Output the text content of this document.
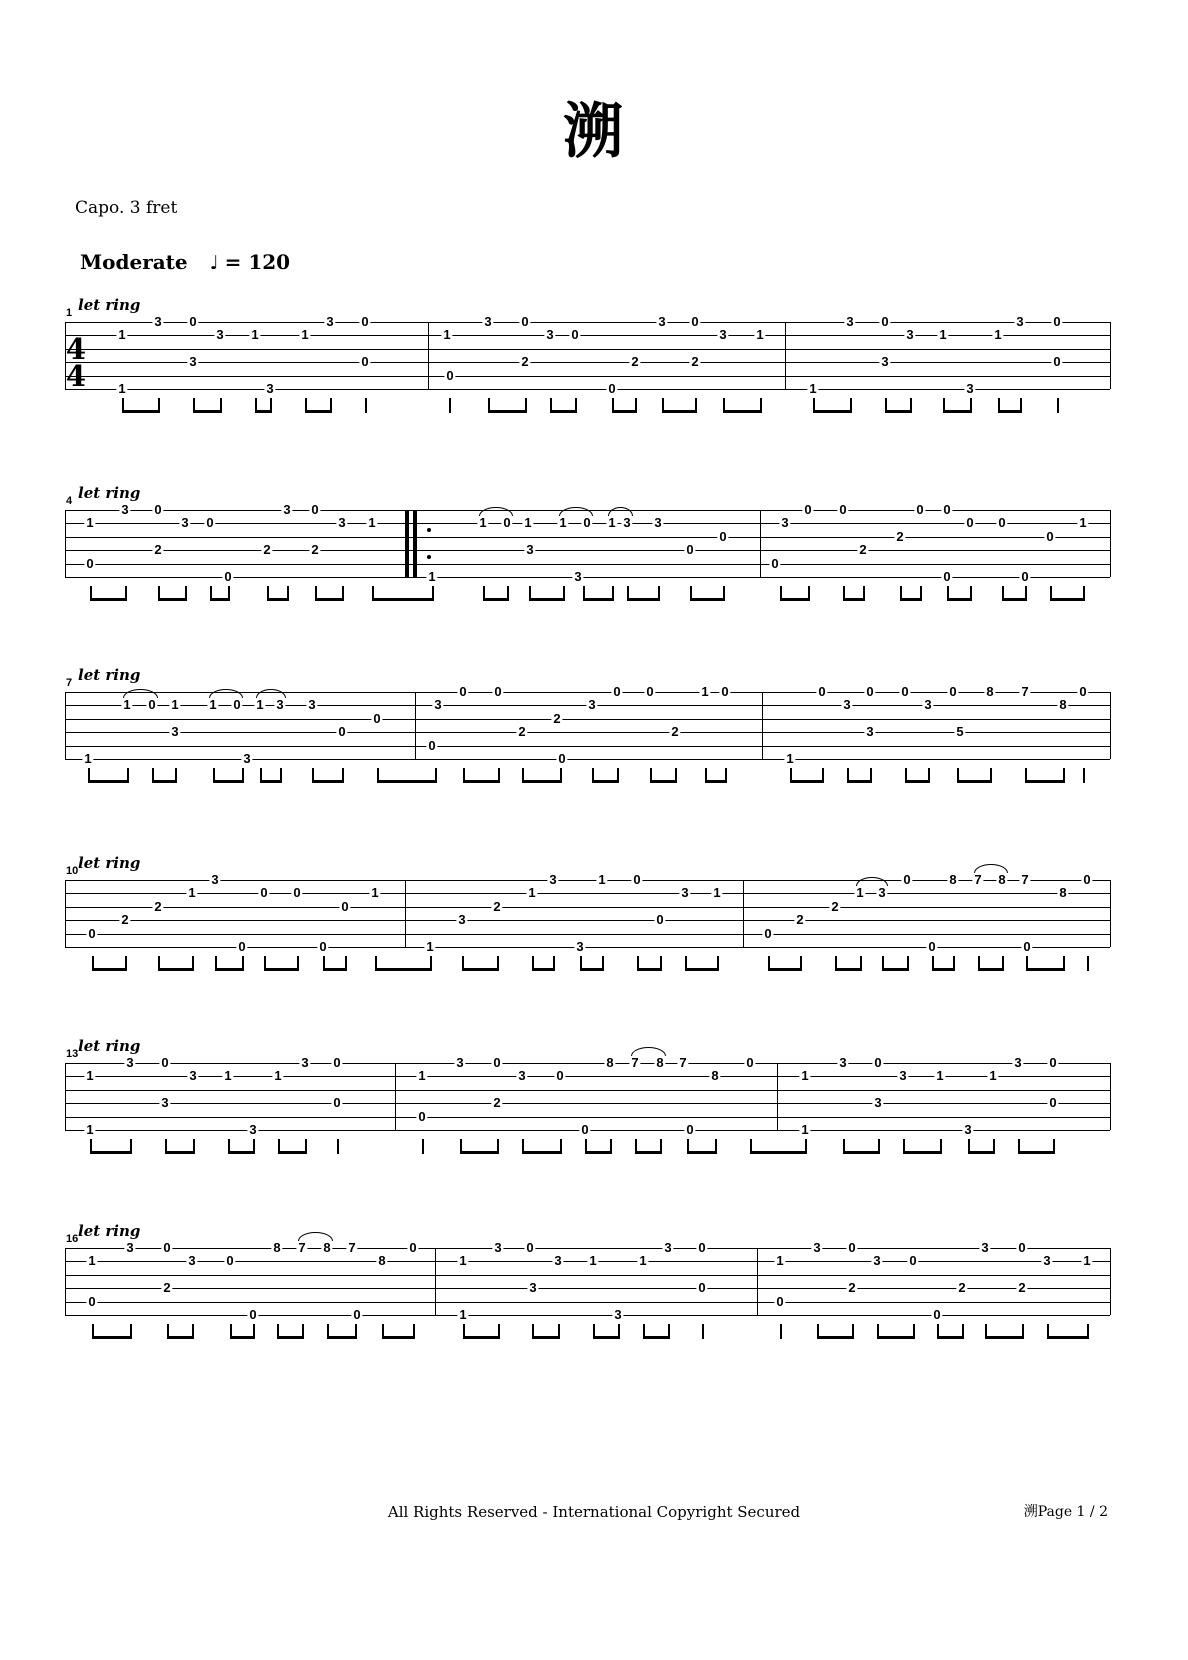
溯
Capo. 3 fret
Moderate ♩ = 120
let ring
1
4
4
1
1
3 0
3
3 1
3
1
3 0
0
1
0
3 0
2
3 0
0
2
3 0
2
3 1
1
3 0
3
3 1
3
1
3 0
0
let ring
4
1
0
3 0
2
3 0
0
2
3 0
2
3 1
1
1 0 1
3
1
3
0 1 3 3
0
0
0
3
0 0
2
2
0 0
0
0 0
0
0
1
let ring
7
1
1 0 1
3
1 0
3
1 3 3
0
0
0
3
0 0
2
2
0
3
0 0
2
1 0
1
0
3
0
3
0
3
0
5
8 7
8
0
let ring
10
0
2
2
1
3
0
0 0
0
0
1
1
3
2
1
3
3
1 0
0
3 1
0
2
2
1 3
0
0
8 7 8 7
0
8
0
let ring
13
1
1
3 0
3
3 1
3
1
3 0
0
1
0
3 0
2
3 0
0
8 7 8 7
0
8
0
1
1
3 0
3
3 1
3
1
3 0
0
let ring
16
1
0
3 0
2
3 0
0
8 7 8 7
0
8
0
1
1
3 0
3
3 1
3
1
3 0
0
1
0
3 0
2
3 0
0
2
3 0
2
3	1
All Rights Reserved - International Copyright Secured	溯Page 1 / 2
